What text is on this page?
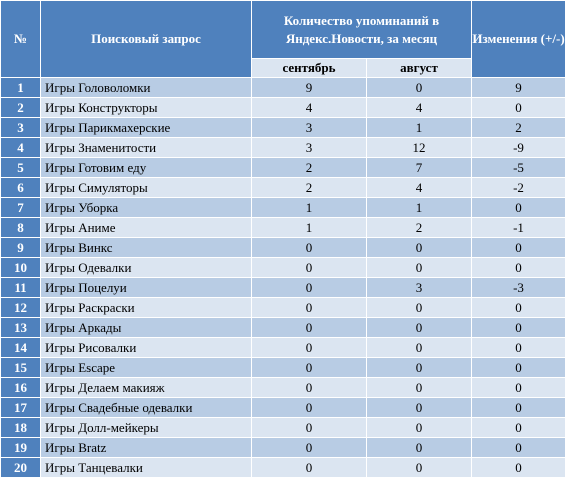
№	Поисковый запрос	Количество упоминаний в Яндекс.Новости, за месяц		Изменения (+/-)
		сентябрь	август	
1	Игры Головоломки	9	0	9
2	Игры Конструкторы	4	4	0
3	Игры Парикмахерские	3	1	2
4	Игры Знаменитости	3	12	-9
5	Игры Готовим еду	2	7	-5
6	Игры Симуляторы	2	4	-2
7	Игры Уборка	1	1	0
8	Игры Аниме	1	2	-1
9	Игры Винкс	0	0	0
10	Игры Одевалки	0	0	0
11	Игры Поцелуи	0	3	-3
12	Игры Раскраски	0	0	0
13	Игры Аркады	0	0	0
14	Игры Рисовалки	0	0	0
15	Игры Escape	0	0	0
16	Игры Делаем макияж	0	0	0
17	Игры Свадебные одевалки	0	0	0
18	Игры Долл-мейкеры	0	0	0
19	Игры Bratz	0	0	0
20	Игры Танцевалки	0	0	0
